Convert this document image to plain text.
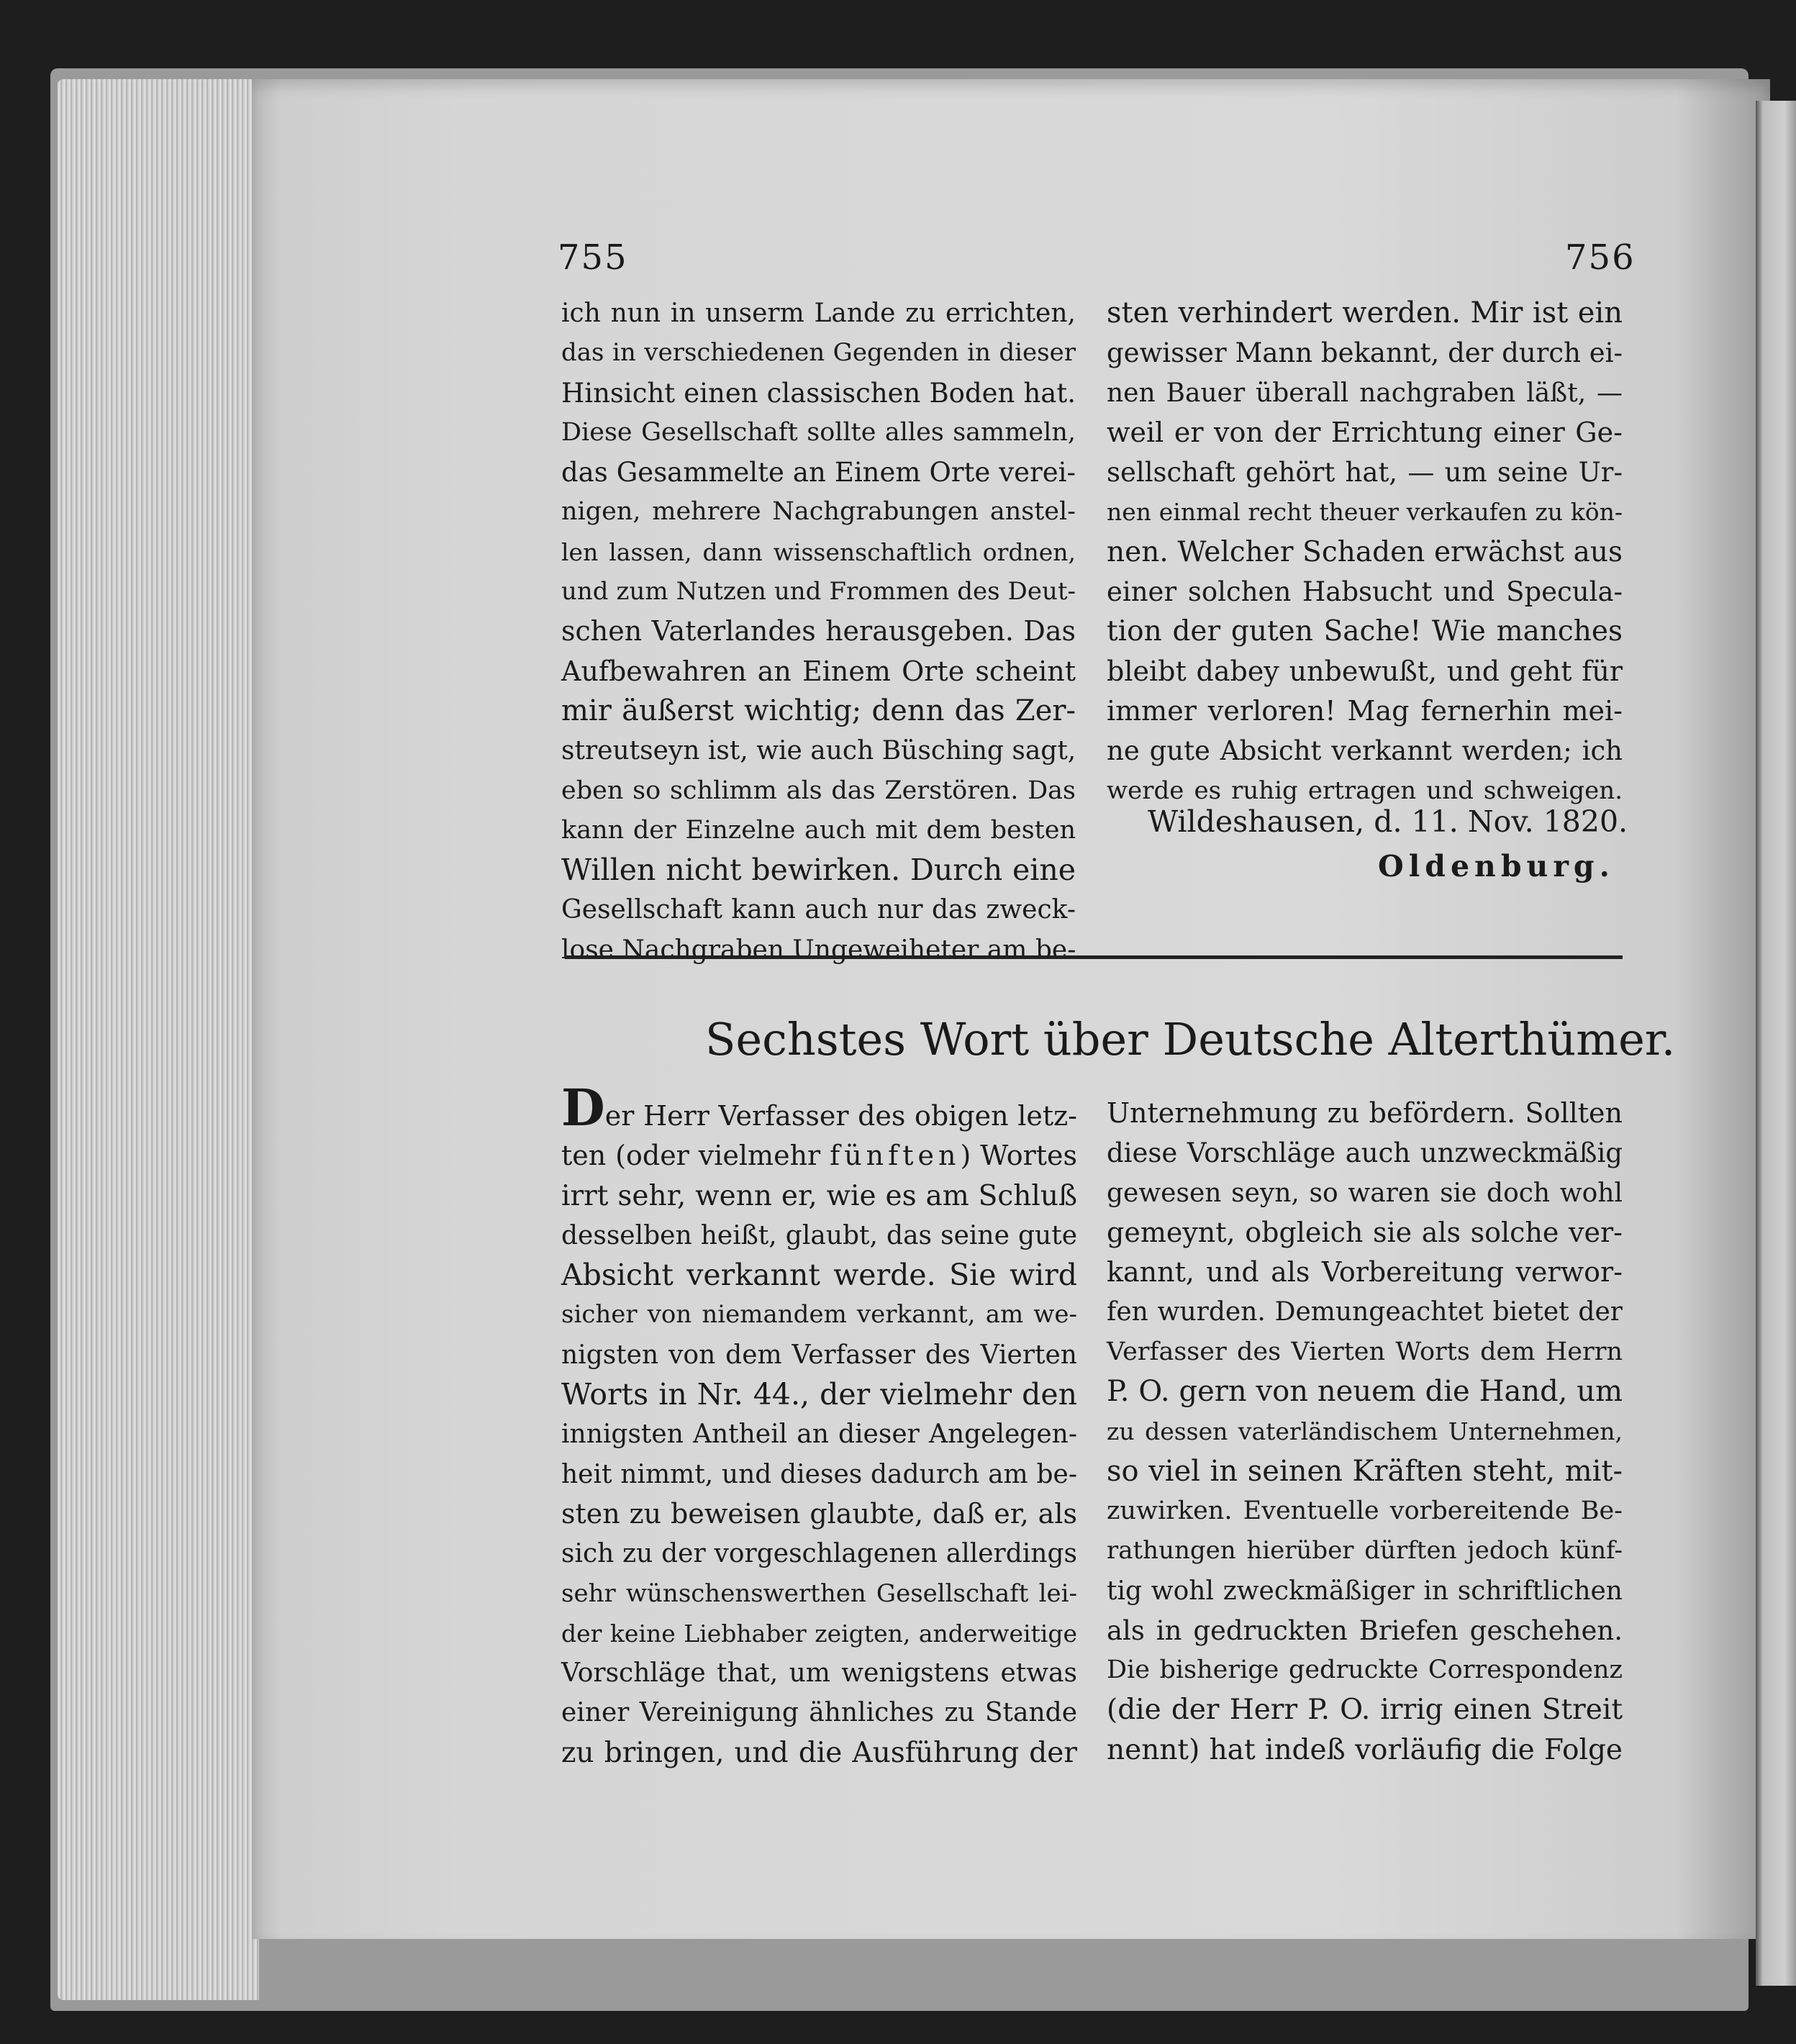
755	756
ich nun in unserm Lande zu errichten,
das in verschiedenen Gegenden in dieser
Hinsicht einen classischen Boden hat.
Diese Gesellschaft sollte alles sammeln,
das Gesammelte an Einem Orte verei-
nigen, mehrere Nachgrabungen anstel-
len lassen, dann wissenschaftlich ordnen,
und zum Nutzen und Frommen des Deut-
schen Vaterlandes herausgeben. Das
Aufbewahren an Einem Orte scheint
mir äußerst wichtig; denn das Zer-
streutseyn ist, wie auch Büsching sagt,
eben so schlimm als das Zerstören. Das
kann der Einzelne auch mit dem besten
Willen nicht bewirken. Durch eine
Gesellschaft kann auch nur das zweck-
lose Nachgraben Ungeweiheter am be-
sten verhindert werden. Mir ist ein
gewisser Mann bekannt, der durch ei-
nen Bauer überall nachgraben läßt, —
weil er von der Errichtung einer Ge-
sellschaft gehört hat, — um seine Ur-
nen einmal recht theuer verkaufen zu kön-
nen. Welcher Schaden erwächst aus
einer solchen Habsucht und Specula-
tion der guten Sache! Wie manches
bleibt dabey unbewußt, und geht für
immer verloren! Mag fernerhin mei-
ne gute Absicht verkannt werden; ich
werde es ruhig ertragen und schweigen.
Wildeshausen, d. 11. Nov. 1820.
Oldenburg.
Sechstes Wort über Deutsche Alterthümer.
Der Herr Verfasser des obigen letz-
ten (oder vielmehr fünften) Wortes
irrt sehr, wenn er, wie es am Schluß
desselben heißt, glaubt, das seine gute
Absicht verkannt werde. Sie wird
sicher von niemandem verkannt, am we-
nigsten von dem Verfasser des Vierten
Worts in Nr. 44., der vielmehr den
innigsten Antheil an dieser Angelegen-
heit nimmt, und dieses dadurch am be-
sten zu beweisen glaubte, daß er, als
sich zu der vorgeschlagenen allerdings
sehr wünschenswerthen Gesellschaft lei-
der keine Liebhaber zeigten, anderweitige
Vorschläge that, um wenigstens etwas
einer Vereinigung ähnliches zu Stande
zu bringen, und die Ausführung der
Unternehmung zu befördern. Sollten
diese Vorschläge auch unzweckmäßig
gewesen seyn, so waren sie doch wohl
gemeynt, obgleich sie als solche ver-
kannt, und als Vorbereitung verwor-
fen wurden. Demungeachtet bietet der
Verfasser des Vierten Worts dem Herrn
P. O. gern von neuem die Hand, um
zu dessen vaterländischem Unternehmen,
so viel in seinen Kräften steht, mit-
zuwirken. Eventuelle vorbereitende Be-
rathungen hierüber dürften jedoch künf-
tig wohl zweckmäßiger in schriftlichen
als in gedruckten Briefen geschehen.
Die bisherige gedruckte Correspondenz
(die der Herr P. O. irrig einen Streit
nennt) hat indeß vorläufig die Folge
